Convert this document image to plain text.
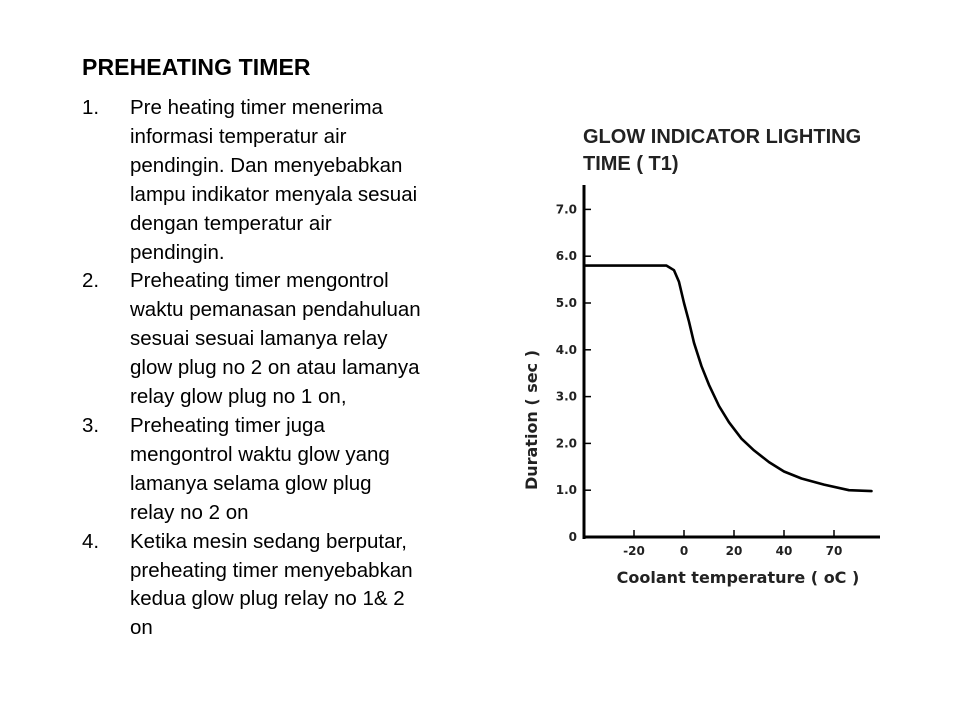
PREHEATING TIMER
1.	Pre heating timer menerima
informasi temperatur air
pendingin. Dan menyebabkan
lampu indikator menyala sesuai
dengan temperatur air
pendingin.
2.	Preheating timer mengontrol
waktu pemanasan pendahuluan
sesuai sesuai lamanya relay
glow plug no 2 on atau lamanya
relay glow plug no 1 on,
3.	Preheating timer juga
mengontrol waktu glow yang
lamanya selama glow plug
relay no 2 on
4.	Ketika mesin sedang berputar,
preheating timer menyebabkan
kedua glow plug relay no 1& 2
on
GLOW INDICATOR LIGHTING
TIME ( T1)
0
1.0
2.0
3.0
4.0
5.0
6.0
7.0
-20	0	20	40	70
Coolant temperature ( oC )
Duration ( sec )
